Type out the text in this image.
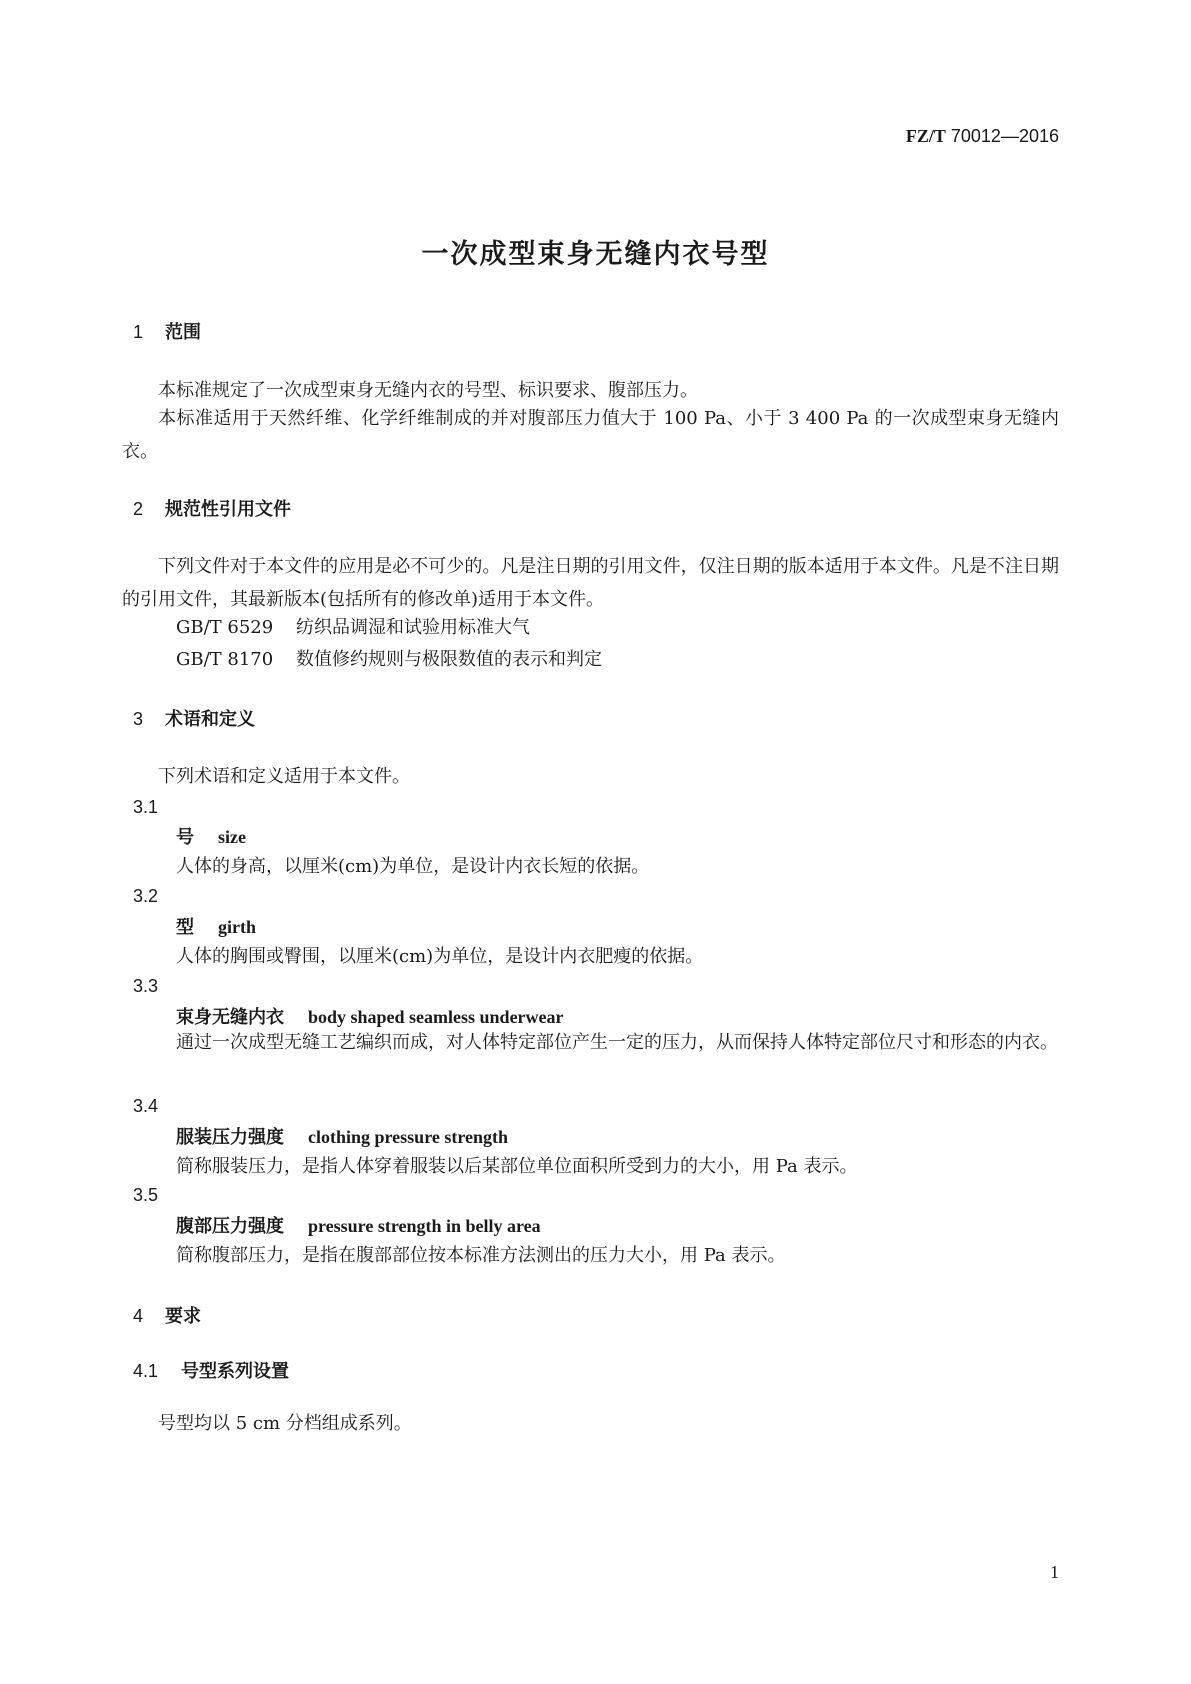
FZ/T 70012—2016
一次成型束身无缝内衣号型
1 范围
本标准规定了一次成型束身无缝内衣的号型、标识要求、腹部压力。
本标准适用于天然纤维、化学纤维制成的并对腹部压力值大于 100 Pa、小于 3 400 Pa 的一次成型束身无缝内衣。
2 规范性引用文件
下列文件对于本文件的应用是必不可少的。凡是注日期的引用文件，仅注日期的版本适用于本文件。凡是不注日期的引用文件，其最新版本(包括所有的修改单)适用于本文件。
GB/T 6529 纺织品调湿和试验用标准大气
GB/T 8170 数值修约规则与极限数值的表示和判定
3 术语和定义
下列术语和定义适用于本文件。
3.1
号 size
人体的身高，以厘米(cm)为单位，是设计内衣长短的依据。
3.2
型 girth
人体的胸围或臀围，以厘米(cm)为单位，是设计内衣肥瘦的依据。
3.3
束身无缝内衣 body shaped seamless underwear
通过一次成型无缝工艺编织而成，对人体特定部位产生一定的压力，从而保持人体特定部位尺寸和形态的内衣。
3.4
服装压力强度 clothing pressure strength
简称服装压力，是指人体穿着服装以后某部位单位面积所受到力的大小，用 Pa 表示。
3.5
腹部压力强度 pressure strength in belly area
简称腹部压力，是指在腹部部位按本标准方法测出的压力大小，用 Pa 表示。
4 要求
4.1 号型系列设置
号型均以 5 cm 分档组成系列。
1
